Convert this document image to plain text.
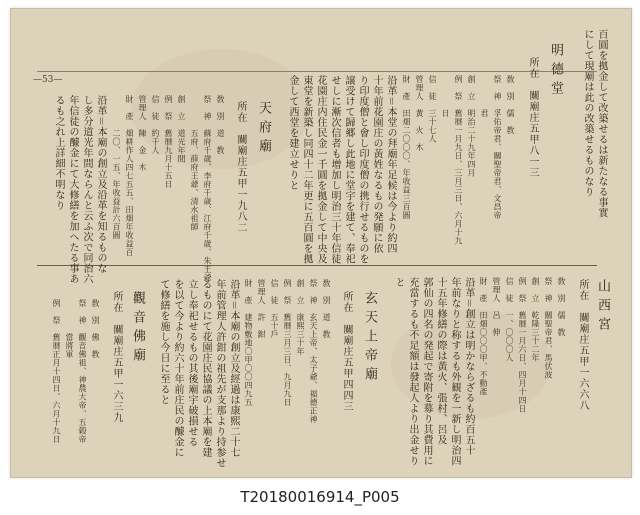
—53—	百圓を拠金して改築せるは新たなる事實
にして現廟は此の改築せるものなり
明德堂
所在　關廟庄五甲八一三
敎　別　儒　教
祭　神　孚佑帝君、關聖帝君、文昌帝
　　　　君
創　立　明治二十九年四月
例　祭　舊暦一月九日、三月三日、六月十九
　　　　日
信　徒　三十七人
管理人　黃　火　木
財　產　田畑二〇〇〇、年收益三百圓
沿革＝本堂の拜廟年足候は今より約四
十年前花園庄の黃姓なるもの発願に依
り印度僧と會し印度僧の携行せるものを
譲受けて歸郷し此地に堂宇を建て、奉祀
せしに漸次信者も增加し明治三十年信徒
花園庄内住民金一千圓を拠金して中央及
東堂を新築し同四十二年更に五百圓を拠
金して西堂を建立せりと
天府廟
所在　關廟庄五甲一九八二
敎　別　道　教
祭　神　蘇府千歳、李府千歳、江府千歳、朱王爺
　　　　五府、薛府王爺、清水祖師
創　立　道光年間
例　祭　舊暦九月十五日
信　徒　約千人
管理人　陳　金　木
財　產　畑耕作人四七五五、田畑年收益百
　　　　二〇、一五、年收益計六百圓
沿革＝本廟の創立及沿革を知るものな
し多分道光年間ならんと云ふ次で同治六
年信徒の醵金にて大修繕を加へたる事あ
るも之れ上詳細不明なり
山西宮
所在　關廟庄五甲一六六八
敎　別　儒　教
祭　神　關聖帝君、馬伏波
創　立　乾隆三十二年
例　祭　舊暦一月六日、四月十四日
信　徒　一、〇〇〇人
管理人　呂　伸
財　產　田畑〇〇〇甲、不動產
沿革＝創立は明かならざるも約百五十
年前なりと称するも外観を一新し明治四
十五年修繕の際は黃火、張村、呂及
郭仙の四名の発起で寄附を募り其費用に
充當するも不足額は發起人より出金せり
と
玄天上帝廟
所在　關廟庄五甲四四三
敎　別　道　教
祭　神　玄天上帝、太子爺、福德正神
創　立　康熙三十年
例　祭　舊暦三月三日、九月九日
信　徒　五十戶
管理人　許　鉗
財　產　建物敷地〇甲〇〇四九五
沿革＝本廟の創立及經過は康熙二十七
年前管理人許鉗の祖先が支那より持参せ
るものにて花園庄民協議の上本廟を建
立し奉祀せるもの其後廟宇破損せる
を以て今より約六十年前庄民の醵金に
て修繕を施し今日に至ると
觀音佛廟
所在　關廟庄五甲一六三九
敎　別　佛　教
祭　神　觀音佛祖、神農大帝、五榖帝
　　　　當將軍
例　祭　舊暦正月十四日、六月十九日
T20180016914_P005
